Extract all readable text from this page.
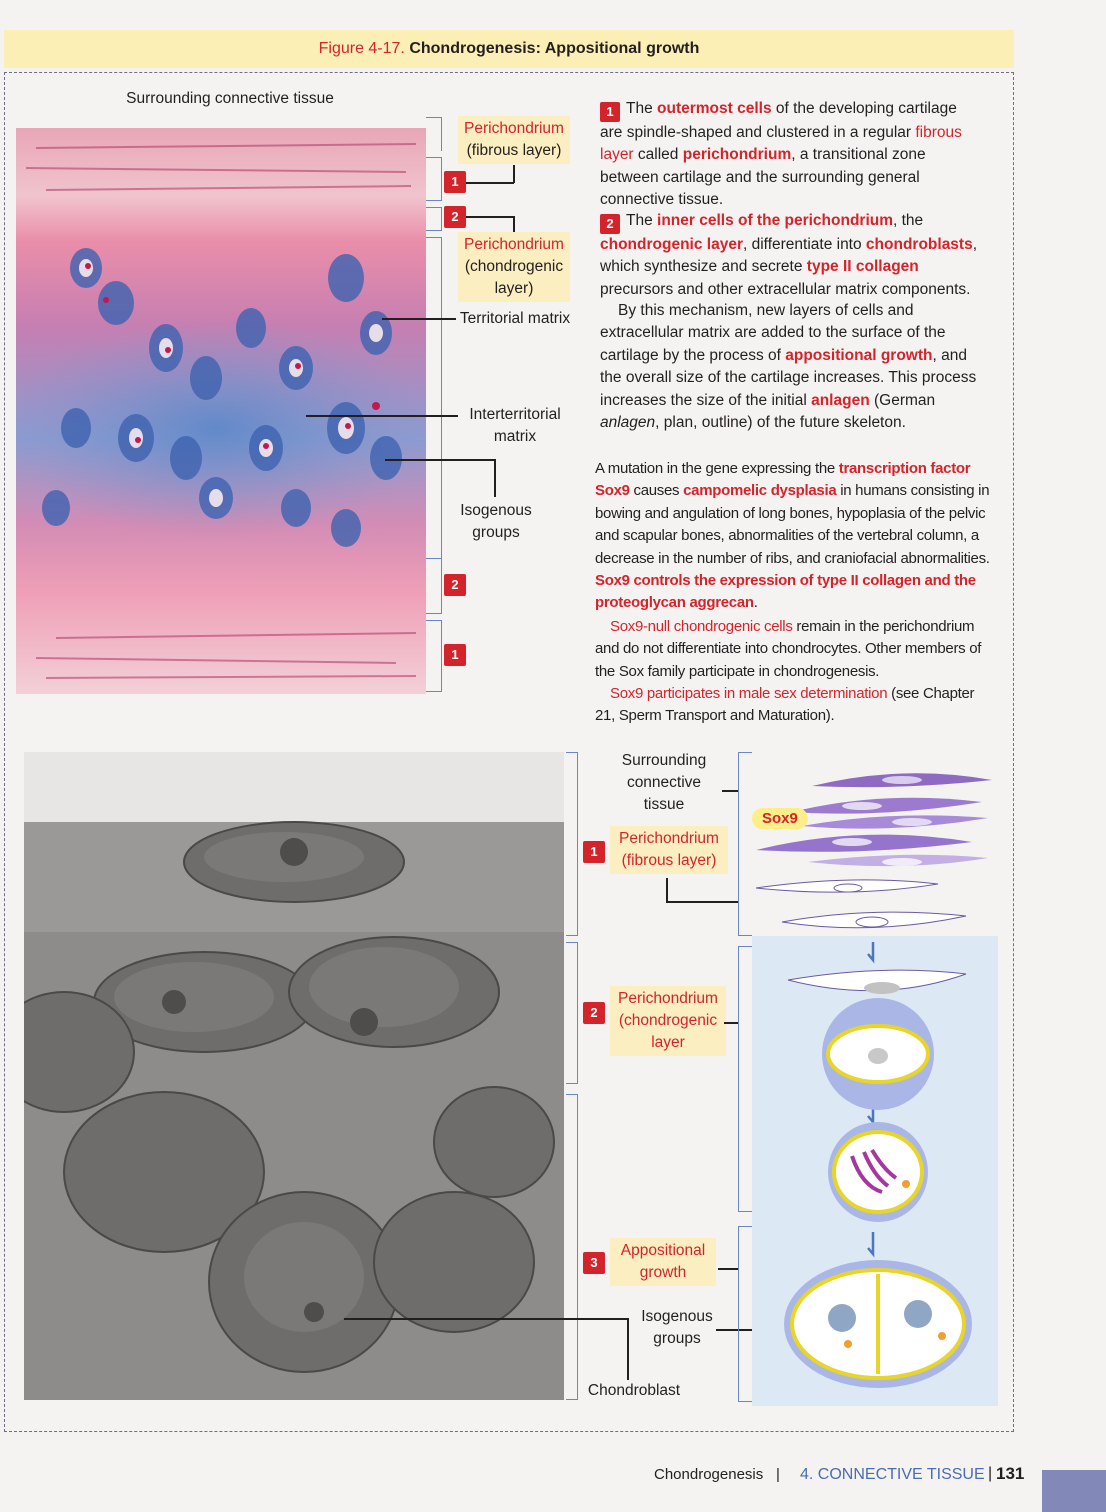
Figure 4-17. Chondrogenesis: Appositional growth
Surrounding connective tissue
1
2
2
1
Perichondrium
(fibrous layer)
Perichondrium
(chondrogenic
layer)
Territorial matrix
Interterritorial
matrix
Isogenous
groups
1 The outermost cells of the developing cartilage are spindle-shaped and clustered in a regular fibrous layer called perichondrium, a transitional zone between cartilage and the surrounding general connective tissue.
2 The inner cells of the perichondrium, the chondrogenic layer, differentiate into chondroblasts, which synthesize and secrete type II collagen precursors and other extracellular matrix components.
By this mechanism, new layers of cells and extracellular matrix are added to the surface of the cartilage by the process of appositional growth, and the overall size of the cartilage increases. This process increases the size of the initial anlagen (German anlagen, plan, outline) of the future skeleton.
A mutation in the gene expressing the transcription factor Sox9 causes campomelic dysplasia in humans consisting in bowing and angulation of long bones, hypoplasia of the pelvic and scapular bones, abnormalities of the vertebral column, a decrease in the number of ribs, and craniofacial abnormalities. Sox9 controls the expression of type II collagen and the proteoglycan aggrecan.
Sox9-null chondrogenic cells remain in the perichondrium and do not differentiate into chondrocytes. Other members of the Sox family participate in chondrogenesis.
Sox9 participates in male sex determination (see Chapter 21, Sperm Transport and Maturation).
1
2
3
Surrounding
connective
tissue
Perichondrium
(fibrous layer)
Perichondrium
(chondrogenic
layer
Appositional
growth
Isogenous
groups
Chondroblast
Sox9
Chondrogenesis | 4. CONNECTIVE TISSUE | 131
